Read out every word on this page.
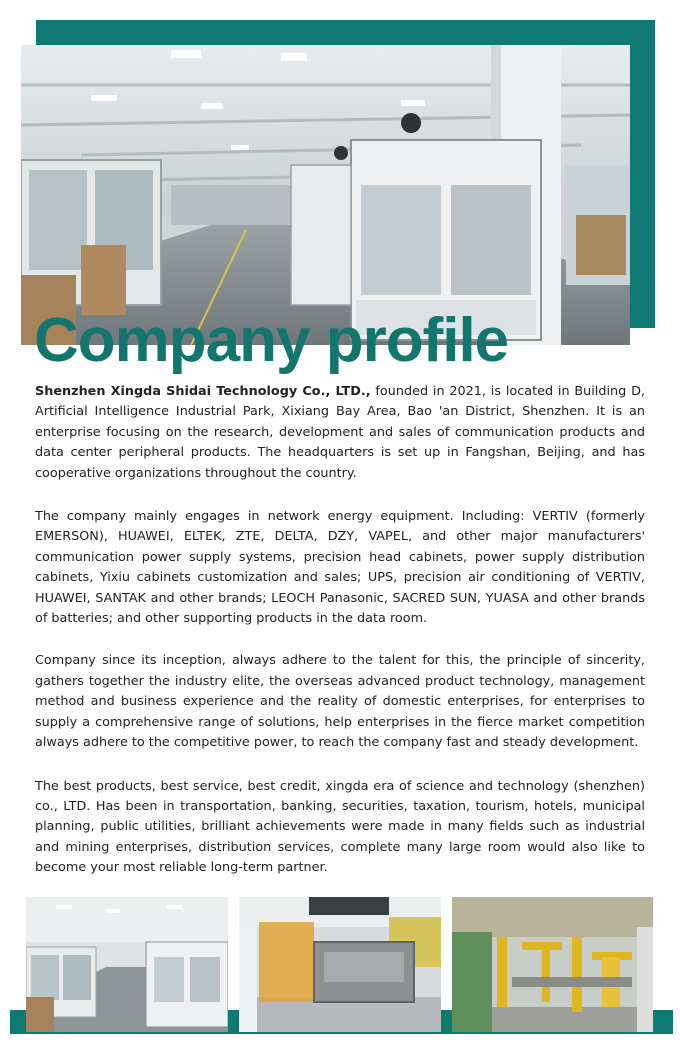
Company profile

Shenzhen Xingda Shidai Technology Co., LTD., founded in 2021, is located in Building D, Artificial Intelligence Industrial Park, Xixiang Bay Area, Bao 'an District, Shenzhen. It is an enterprise focusing on the research, development and sales of communication products and data center peripheral products. The headquarters is set up in Fangshan, Beijing, and has cooperative organizations throughout the country.

The company mainly engages in network energy equipment. Including: VERTIV (formerly EMERSON), HUAWEI, ELTEK, ZTE, DELTA, DZY, VAPEL, and other major manufacturers' communication power supply systems, precision head cabinets, power supply distribution cabinets, Yixiu cabinets customization and sales; UPS, precision air conditioning of VERTIV, HUAWEI, SANTAK and other brands; LEOCH Panasonic, SACRED SUN, YUASA and other brands of batteries; and other supporting products in the data room.

Company since its inception, always adhere to the talent for this, the principle of sincerity, gathers together the industry elite, the overseas advanced product technology, management method and business experience and the reality of domestic enterprises, for enterprises to supply a comprehensive range of solutions, help enterprises in the fierce market competition always adhere to the competitive power, to reach the company fast and steady development.

The best products, best service, best credit, xingda era of science and technology (shenzhen) co., LTD. Has been in transportation, banking, securities, taxation, tourism, hotels, municipal planning, public utilities, brilliant achievements were made in many fields such as industrial and mining enterprises, distribution services, complete many large room would also like to become your most reliable long-term partner.
